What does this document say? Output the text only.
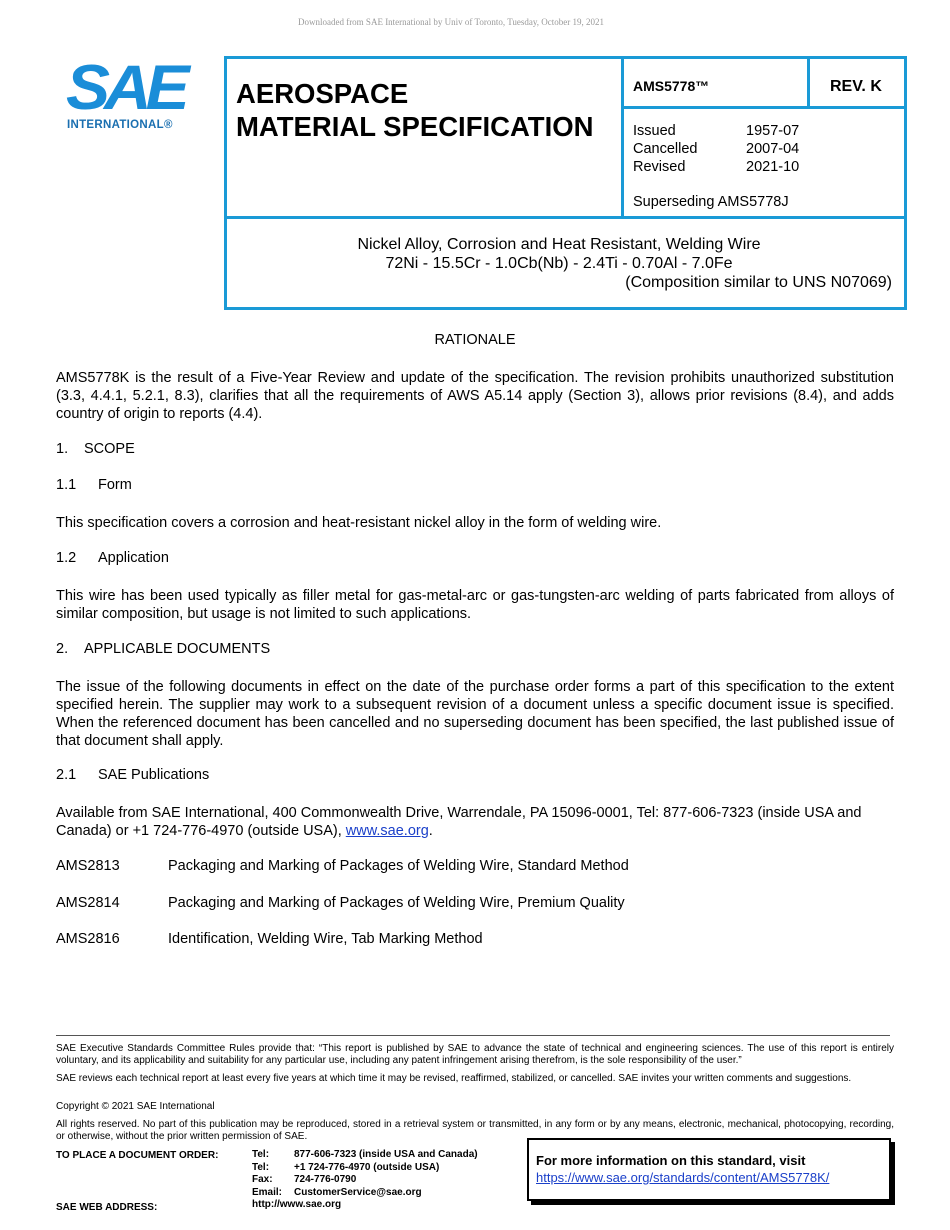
Downloaded from SAE International by Univ of Toronto, Tuesday, October 19, 2021
SAE
INTERNATIONAL®
AEROSPACE
MATERIAL SPECIFICATION
AMS5778™	REV. K
Issued	1957-07
Cancelled	2007-04
Revised	2021-10
Superseding AMS5778J
Nickel Alloy, Corrosion and Heat Resistant, Welding Wire
72Ni - 15.5Cr - 1.0Cb(Nb) - 2.4Ti - 0.70Al - 7.0Fe
(Composition similar to UNS N07069)
RATIONALE
AMS5778K is the result of a Five-Year Review and update of the specification. The revision prohibits unauthorized substitution (3.3, 4.4.1, 5.2.1, 8.3), clarifies that all the requirements of AWS A5.14 apply (Section 3), allows prior revisions (8.4), and adds country of origin to reports (4.4).
1. SCOPE
1.1 Form
This specification covers a corrosion and heat-resistant nickel alloy in the form of welding wire.
1.2 Application
This wire has been used typically as filler metal for gas-metal-arc or gas-tungsten-arc welding of parts fabricated from alloys of similar composition, but usage is not limited to such applications.
2. APPLICABLE DOCUMENTS
The issue of the following documents in effect on the date of the purchase order forms a part of this specification to the extent specified herein. The supplier may work to a subsequent revision of a document unless a specific document issue is specified. When the referenced document has been cancelled and no superseding document has been specified, the last published issue of that document shall apply.
2.1 SAE Publications
Available from SAE International, 400 Commonwealth Drive, Warrendale, PA 15096-0001, Tel: 877-606-7323 (inside USA and Canada) or +1 724-776-4970 (outside USA), www.sae.org.
AMS2813	Packaging and Marking of Packages of Welding Wire, Standard Method
AMS2814	Packaging and Marking of Packages of Welding Wire, Premium Quality
AMS2816	Identification, Welding Wire, Tab Marking Method
SAE Executive Standards Committee Rules provide that: “This report is published by SAE to advance the state of technical and engineering sciences. The use of this report is entirely voluntary, and its applicability and suitability for any particular use, including any patent infringement arising therefrom, is the sole responsibility of the user.”
SAE reviews each technical report at least every five years at which time it may be revised, reaffirmed, stabilized, or cancelled. SAE invites your written comments and suggestions.
Copyright © 2021 SAE International
All rights reserved. No part of this publication may be reproduced, stored in a retrieval system or transmitted, in any form or by any means, electronic, mechanical, photocopying, recording, or otherwise, without the prior written permission of SAE.
TO PLACE A DOCUMENT ORDER:
SAE WEB ADDRESS:
Tel:	877-606-7323 (inside USA and Canada)
Tel:	+1 724-776-4970 (outside USA)
Fax:	724-776-0790
Email:	CustomerService@sae.org
http://www.sae.org
For more information on this standard, visit
https://www.sae.org/standards/content/AMS5778K/
